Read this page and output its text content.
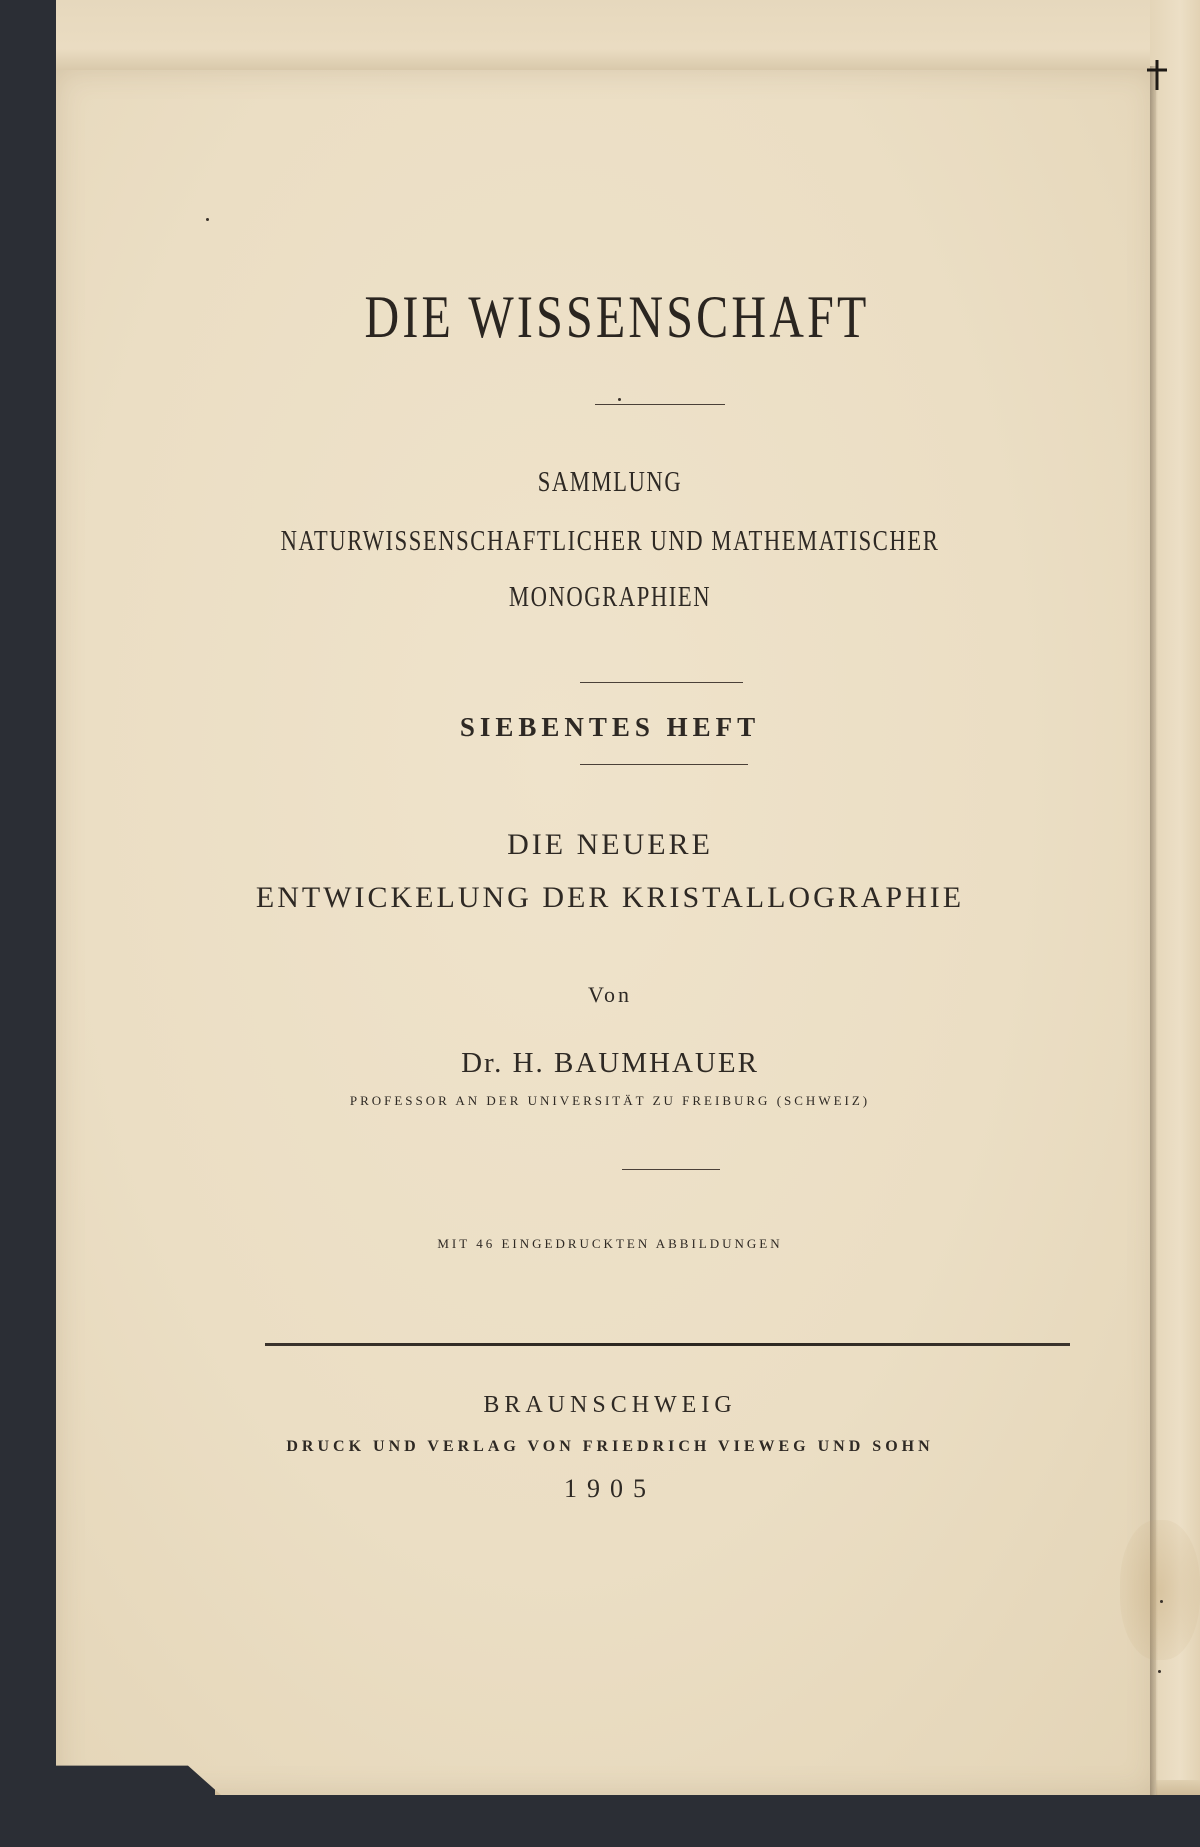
DIE WISSENSCHAFT
SAMMLUNG
NATURWISSENSCHAFTLICHER UND MATHEMATISCHER
MONOGRAPHIEN
SIEBENTES HEFT
DIE NEUERE
ENTWICKELUNG DER KRISTALLOGRAPHIE
Von
Dr. H. BAUMHAUER
PROFESSOR AN DER UNIVERSITÄT ZU FREIBURG (SCHWEIZ)
MIT 46 EINGEDRUCKTEN ABBILDUNGEN
BRAUNSCHWEIG
DRUCK UND VERLAG VON FRIEDRICH VIEWEG UND SOHN
1905
